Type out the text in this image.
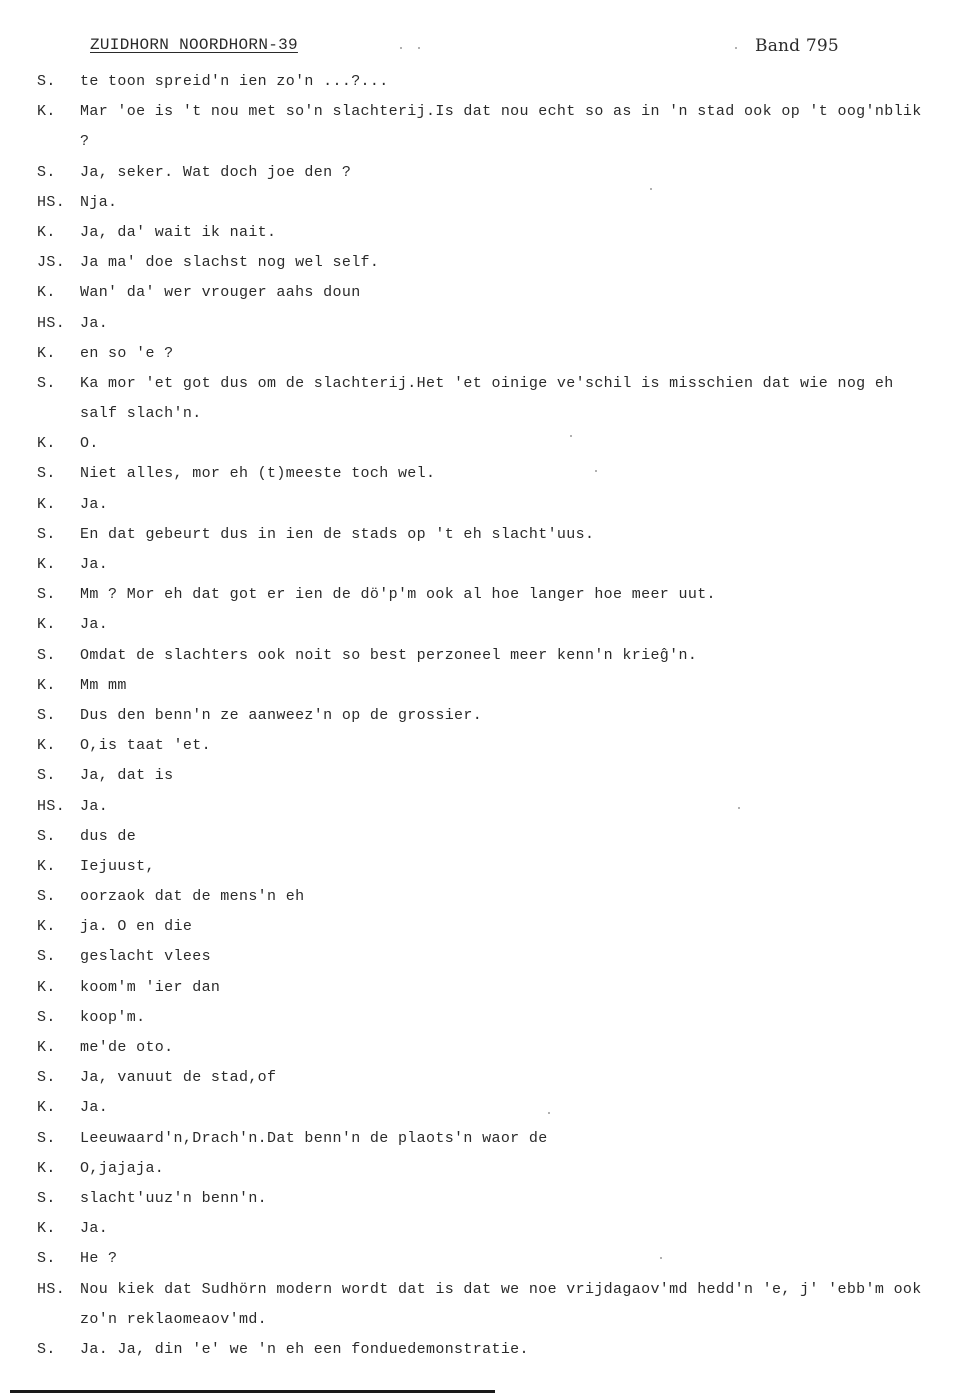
ZUIDHORN NOORDHORN-39	Band 795
S.	te toon spreid'n ien zo'n ...?...
K.	Mar 'oe is 't nou met so'n slachterij.Is dat nou echt so as in 'n stad ook op 't oog'nblik ?
S.	Ja, seker. Wat doch joe den ?
HS. Nja.
K.	Ja, da' wait ik nait.
JS. Ja ma' doe slachst nog wel self.
K.	Wan' da' wer vrouger aahs doun
HS. Ja.
K.	en so 'e ?
S.	Ka mor 'et got dus om de slachterij.Het 'et oinige ve'schil is misschien dat wie nog eh salf slach'n.
K.	O.
S.	Niet alles, mor eh (t)meeste toch wel.
K.	Ja.
S.	En dat gebeurt dus in ien de stads op 't eh slacht'uus.
K.	Ja.
S.	Mm ? Mor eh dat got er ien de dö'p'm ook al hoe langer hoe meer uut.
K.	Ja.
S.	Omdat de slachters ook noit so best perzoneel meer kenn'n krieĝ'n.
K.	Mm mm
S.	Dus den benn'n ze aanweez'n op de grossier.
K.	O,is taat 'et.
S.	Ja, dat is
HS. Ja.
S.	dus de
K.	Iejuust,
S.	oorzaok dat de mens'n eh
K.	ja. O en die
S.	geslacht vlees
K.	koom'm 'ier dan
S.	koop'm.
K.	me'de oto.
S.	Ja, vanuut de stad,of
K.	Ja.
S.	Leeuwaard'n,Drach'n.Dat benn'n de plaots'n waor de
K.	O,jajaja.
S.	slacht'uuz'n benn'n.
K.	Ja.
S.	He ?
HS. Nou kiek dat Sudhörn modern wordt dat is dat we noe vrijdagaov'md hedd'n 'e, j' 'ebb'm ook zo'n reklaomeaov'md.
S.	Ja. Ja, din 'e' we 'n eh een fonduedemonstratie.
